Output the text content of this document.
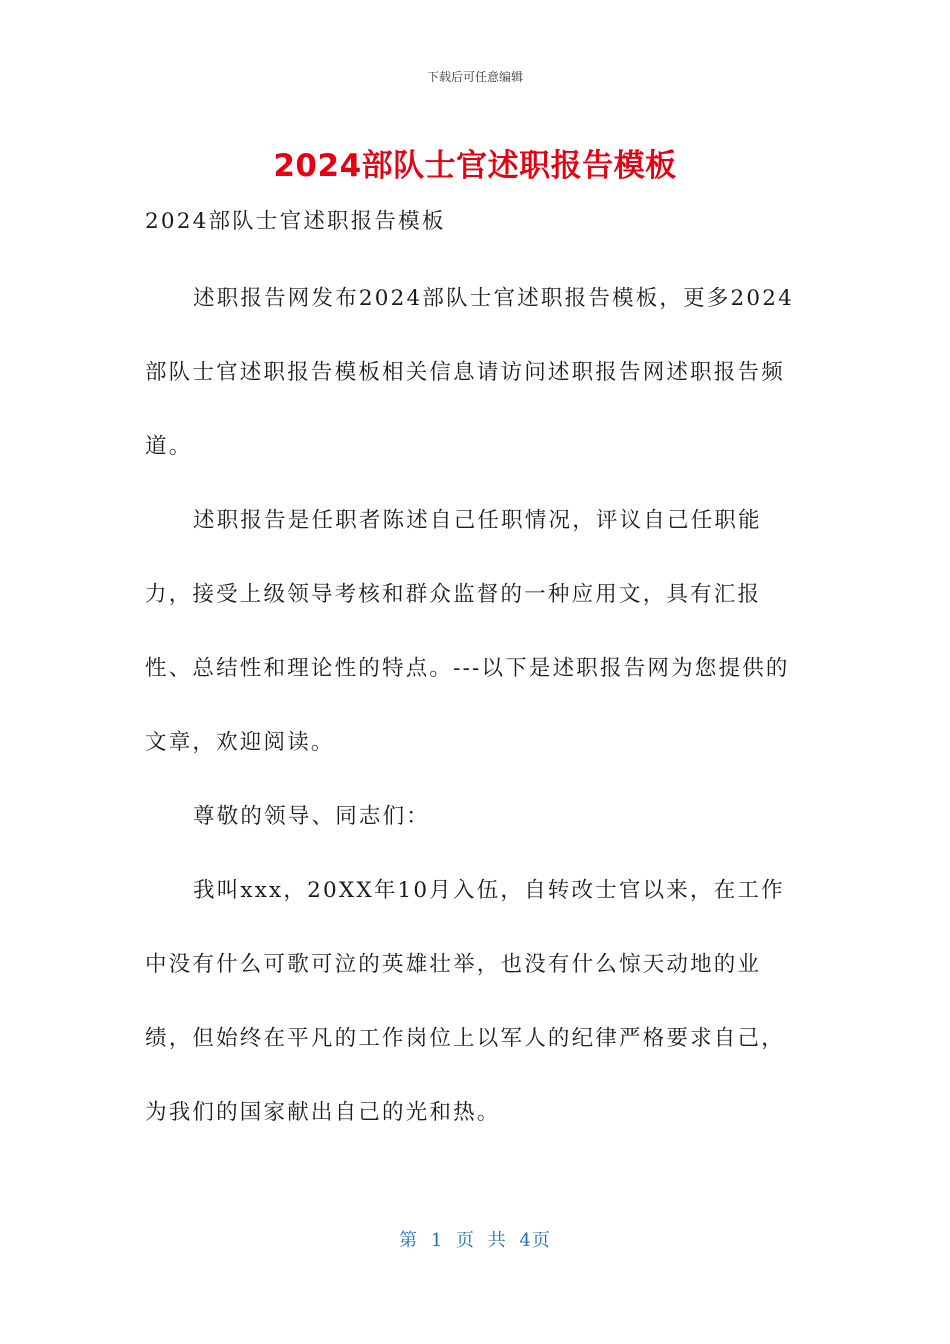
下载后可任意编辑
2024部队士官述职报告模板

2024部队士官述职报告模板

述职报告网发布2024部队士官述职报告模板，更多2024部队士官述职报告模板相关信息请访问述职报告网述职报告频道。

述职报告是任职者陈述自己任职情况，评议自己任职能力，接受上级领导考核和群众监督的一种应用文，具有汇报性、总结性和理论性的特点。---以下是述职报告网为您提供的文章，欢迎阅读。

尊敬的领导、同志们：

我叫xxx，20XX年10月入伍，自转改士官以来，在工作中没有什么可歌可泣的英雄壮举，也没有什么惊天动地的业绩，但始终在平凡的工作岗位上以军人的纪律严格要求自己，为我们的国家献出自己的光和热。

第 1 页 共 4页
